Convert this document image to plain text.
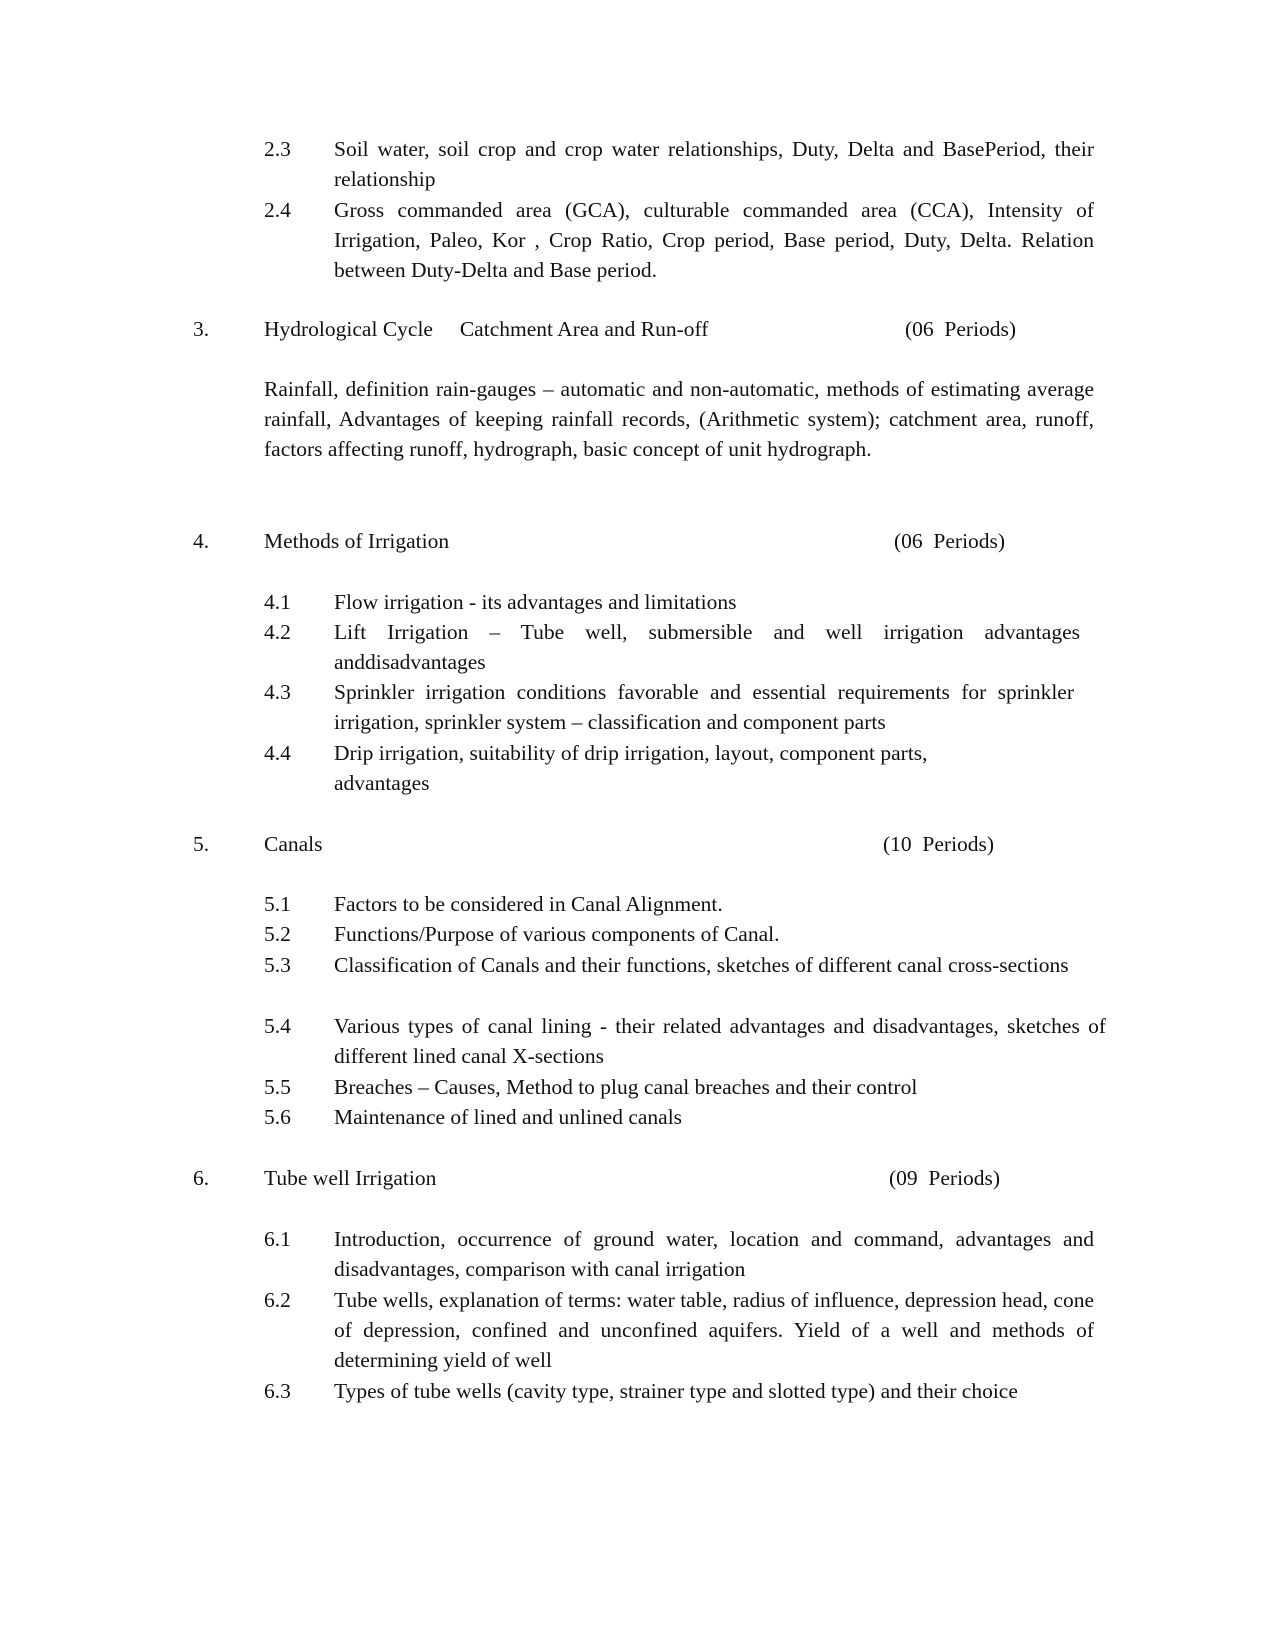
2.3 Soil water, soil crop and crop water relationships, Duty, Delta and BasePeriod, their relationship
2.4 Gross commanded area (GCA), culturable commanded area (CCA), Intensity of Irrigation, Paleo, Kor , Crop Ratio, Crop period, Base period, Duty, Delta. Relation between Duty-Delta and Base period.
3.	Hydrological Cycle     Catchment Area and Run-off	(06  Periods)
Rainfall, definition rain-gauges – automatic and non-automatic, methods of estimating average rainfall, Advantages of keeping rainfall records, (Arithmetic system); catchment area, runoff, factors affecting runoff, hydrograph, basic concept of unit hydrograph.
4.	Methods of Irrigation	(06  Periods)
4.1 Flow irrigation - its advantages and limitations
4.2 Lift Irrigation – Tube well, submersible and well irrigation advantages anddisadvantages
4.3 Sprinkler irrigation conditions favorable and essential requirements for sprinkler irrigation, sprinkler system – classification and component parts
4.4 Drip irrigation, suitability of drip irrigation, layout, component parts, advantages
5.	Canals	(10  Periods)
5.1 Factors to be considered in Canal Alignment.
5.2 Functions/Purpose of various components of Canal.
5.3 Classification of Canals and their functions, sketches of different canal cross-sections
5.4 Various types of canal lining - their related advantages and disadvantages, sketches of different lined canal X-sections
5.5 Breaches – Causes, Method to plug canal breaches and their control
5.6 Maintenance of lined and unlined canals
6.	Tube well Irrigation	(09  Periods)
6.1 Introduction, occurrence of ground water, location and command, advantages and disadvantages, comparison with canal irrigation
6.2 Tube wells, explanation of terms: water table, radius of influence, depression head, cone of depression, confined and unconfined aquifers. Yield of a well and methods of determining yield of well
6.3 Types of tube wells (cavity type, strainer type and slotted type) and their choice
